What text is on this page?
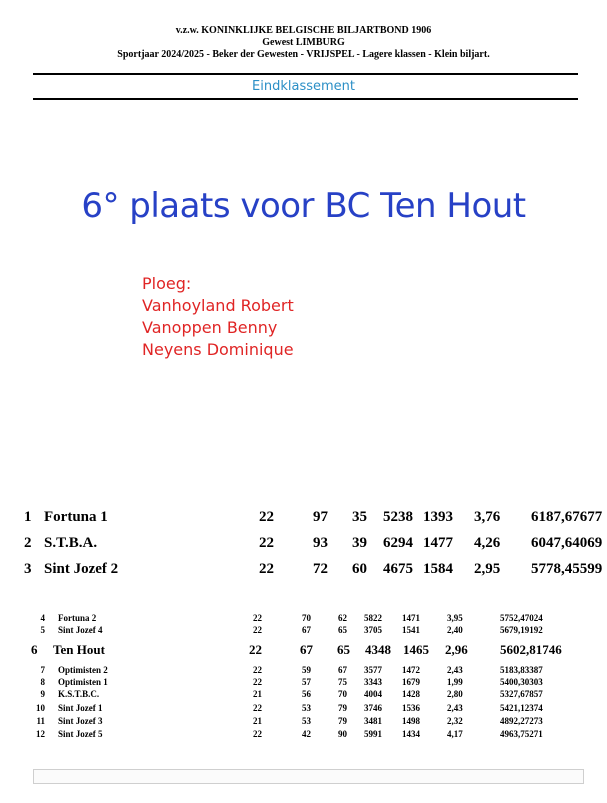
v.z.w. KONINKLIJKE BELGISCHE BILJARTBOND 1906
Gewest LIMBURG
Sportjaar 2024/2025 - Beker der Gewesten - VRIJSPEL - Lagere klassen - Klein biljart.
Eindklassement
6° plaats voor BC Ten Hout
Ploeg:
Vanhoyland Robert
Vanoppen Benny
Neyens Dominique
1 Fortuna 1	22	97 35 5238 1393 3,76 6187,67677
2 S.T.B.A.	22	93 39 6294 1477 4,26 6047,64069
3 Sint Jozef 2	22	72 60 4675 1584 2,95 5778,45599
4 Fortuna 2	22	70	62 5822 1471	3,95	5752,47024
5 Sint Jozef 4	22	67	65 3705 1541	2,40	5679,19192
6 Ten Hout	22	67 65 4348 1465 2,96 5602,81746
7 Optimisten 2	22	59	67 3577 1472	2,43	5183,83387
8 Optimisten 1	22	57	75 3343 1679	1,99	5400,30303
9 K.S.T.B.C.	21	56	70 4004 1428	2,80	5327,67857
10 Sint Jozef 1	22	53	79 3746 1536	2,43	5421,12374
11 Sint Jozef 3	21	53	79 3481 1498	2,32	4892,27273
12 Sint Jozef 5	22	42	90 5991 1434	4,17	4963,75271
